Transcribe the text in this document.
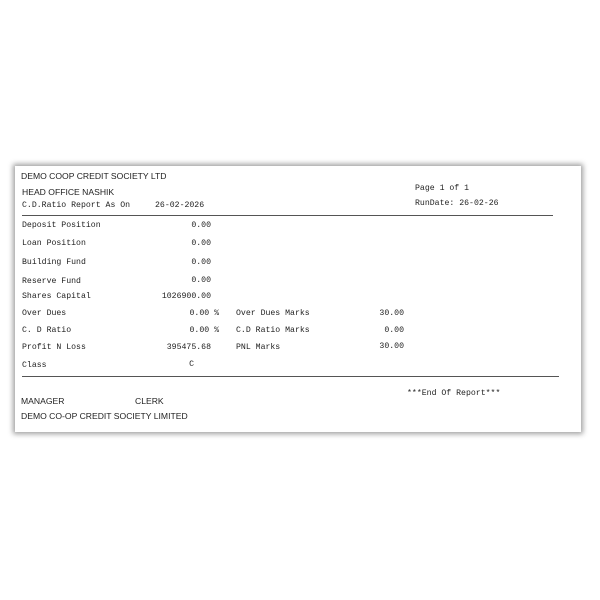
DEMO COOP CREDIT SOCIETY LTD
HEAD OFFICE NASHIK
C.D.Ratio Report As On	26-02-2026
Page 1 of 1
RunDate: 26-02-26
Deposit Position
Loan Position
Building Fund
Reserve Fund
Shares Capital
Over Dues
C. D Ratio
Profit N Loss
Class
0.00
0.00
0.00
0.00
1026900.00
0.00 %
0.00 %
395475.68
C
Over Dues Marks
C.D Ratio Marks
PNL Marks
30.00
0.00
30.00
MANAGER	CLERK
***End Of Report***
DEMO CO-OP CREDIT SOCIETY LIMITED
